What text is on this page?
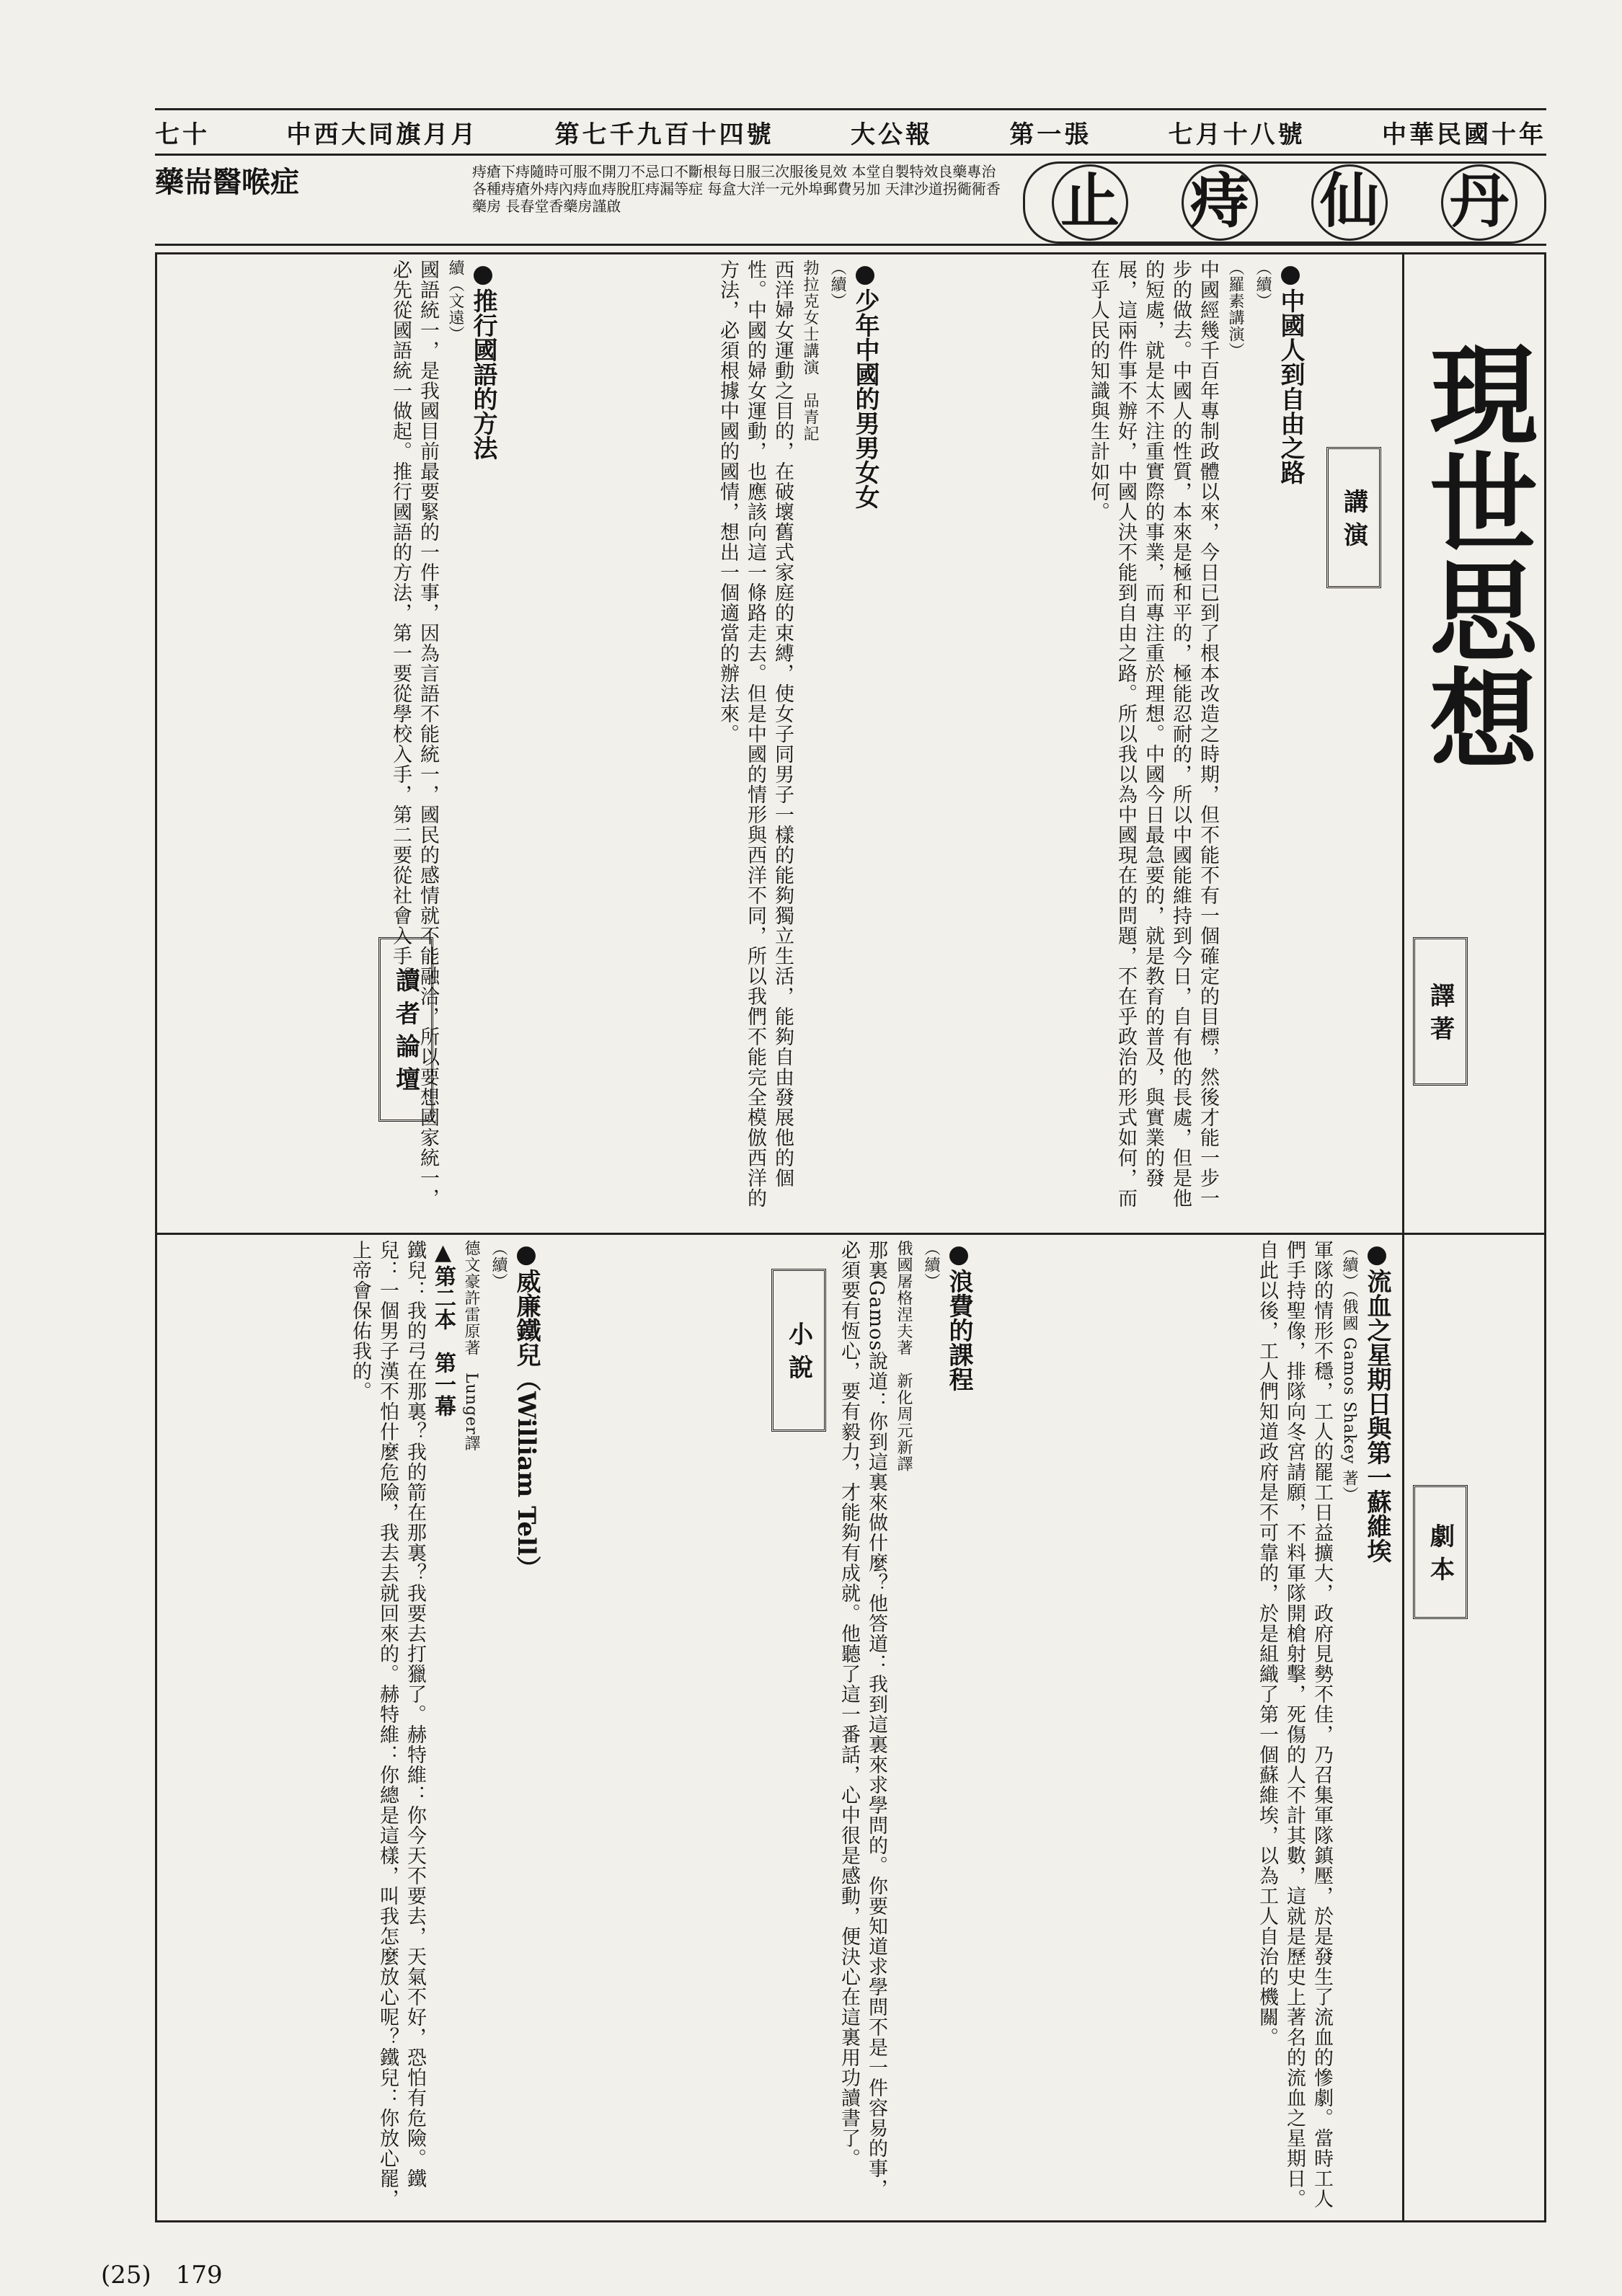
七十	中西大同旗月月	第七千九百十四號	大公報	第一張	七月十八號	中華民國十年
藥耑醫喉症	痔瘡下痔隨時可服不開刀不忌口不斷根每日服三次服後見效 本堂自製特效良藥專治各種痔瘡外痔內痔血痔脫肛痔漏等症 每盒大洋一元外埠郵費另加 天津沙道拐衚衕香藥房 長春堂香藥房謹啟	止 痔 仙 丹
現世思想
講 演
●中國人到自由之路
（續）
（羅素講演）
中國經幾千百年專制政體以來，今日已到了根本改造之時期，但不能不有一個確定的目標，然後才能一步一步的做去。中國人的性質，本來是極和平的，極能忍耐的，所以中國能維持到今日，自有他的長處，但是他的短處，就是太不注重實際的事業，而專注重於理想。中國今日最急要的，就是教育的普及，與實業的發展，這兩件事不辦好，中國人決不能到自由之路。所以我以為中國現在的問題，不在乎政治的形式如何，而在乎人民的知識與生計如何。
●少年中國的男男女女
（續）
勃拉克女士講演　品青記
西洋婦女運動之目的，在破壞舊式家庭的束縛，使女子同男子一樣的能夠獨立生活，能夠自由發展他的個性。中國的婦女運動，也應該向這一條路走去。但是中國的情形與西洋不同，所以我們不能完全模倣西洋的方法，必須根據中國的國情，想出一個適當的辦法來。
讀 者 論 壇
●推行國語的方法
續（文遠）
國語統一，是我國目前最要緊的一件事，因為言語不能統一，國民的感情就不能融洽，所以要想國家統一，必先從國語統一做起。推行國語的方法，第一要從學校入手，第二要從社會入手。
譯 著
●流血之星期日與第一蘇維埃
（續）（俄國 Gamos Shakey 著）
軍隊的情形不穩，工人的罷工日益擴大，政府見勢不佳，乃召集軍隊鎮壓，於是發生了流血的慘劇。當時工人們手持聖像，排隊向冬宮請願，不料軍隊開槍射擊，死傷的人不計其數，這就是歷史上著名的流血之星期日。自此以後，工人們知道政府是不可靠的，於是組織了第一個蘇維埃，以為工人自治的機關。
小 說	●浪費的課程
（續）
俄國屠格涅夫著　新化周元新譯
那裏Gamos說道：你到這裏來做什麼？他答道：我到這裏來求學問的。你要知道求學問不是一件容易的事，必須要有恆心，要有毅力，才能夠有成就。他聽了這一番話，心中很是感動，便決心在這裏用功讀書了。	劇 本
●威廉鐵兒（William Tell）
（續）
德文豪許雷原著　Lunger譯
▲第二本　第一幕
鐵兒：我的弓在那裏？我的箭在那裏？我要去打獵了。赫特維：你今天不要去，天氣不好，恐怕有危險。鐵兒：一個男子漢不怕什麼危險，我去去就回來的。赫特維：你總是這樣，叫我怎麼放心呢？鐵兒：你放心罷，上帝會保佑我的。
(25)　179
